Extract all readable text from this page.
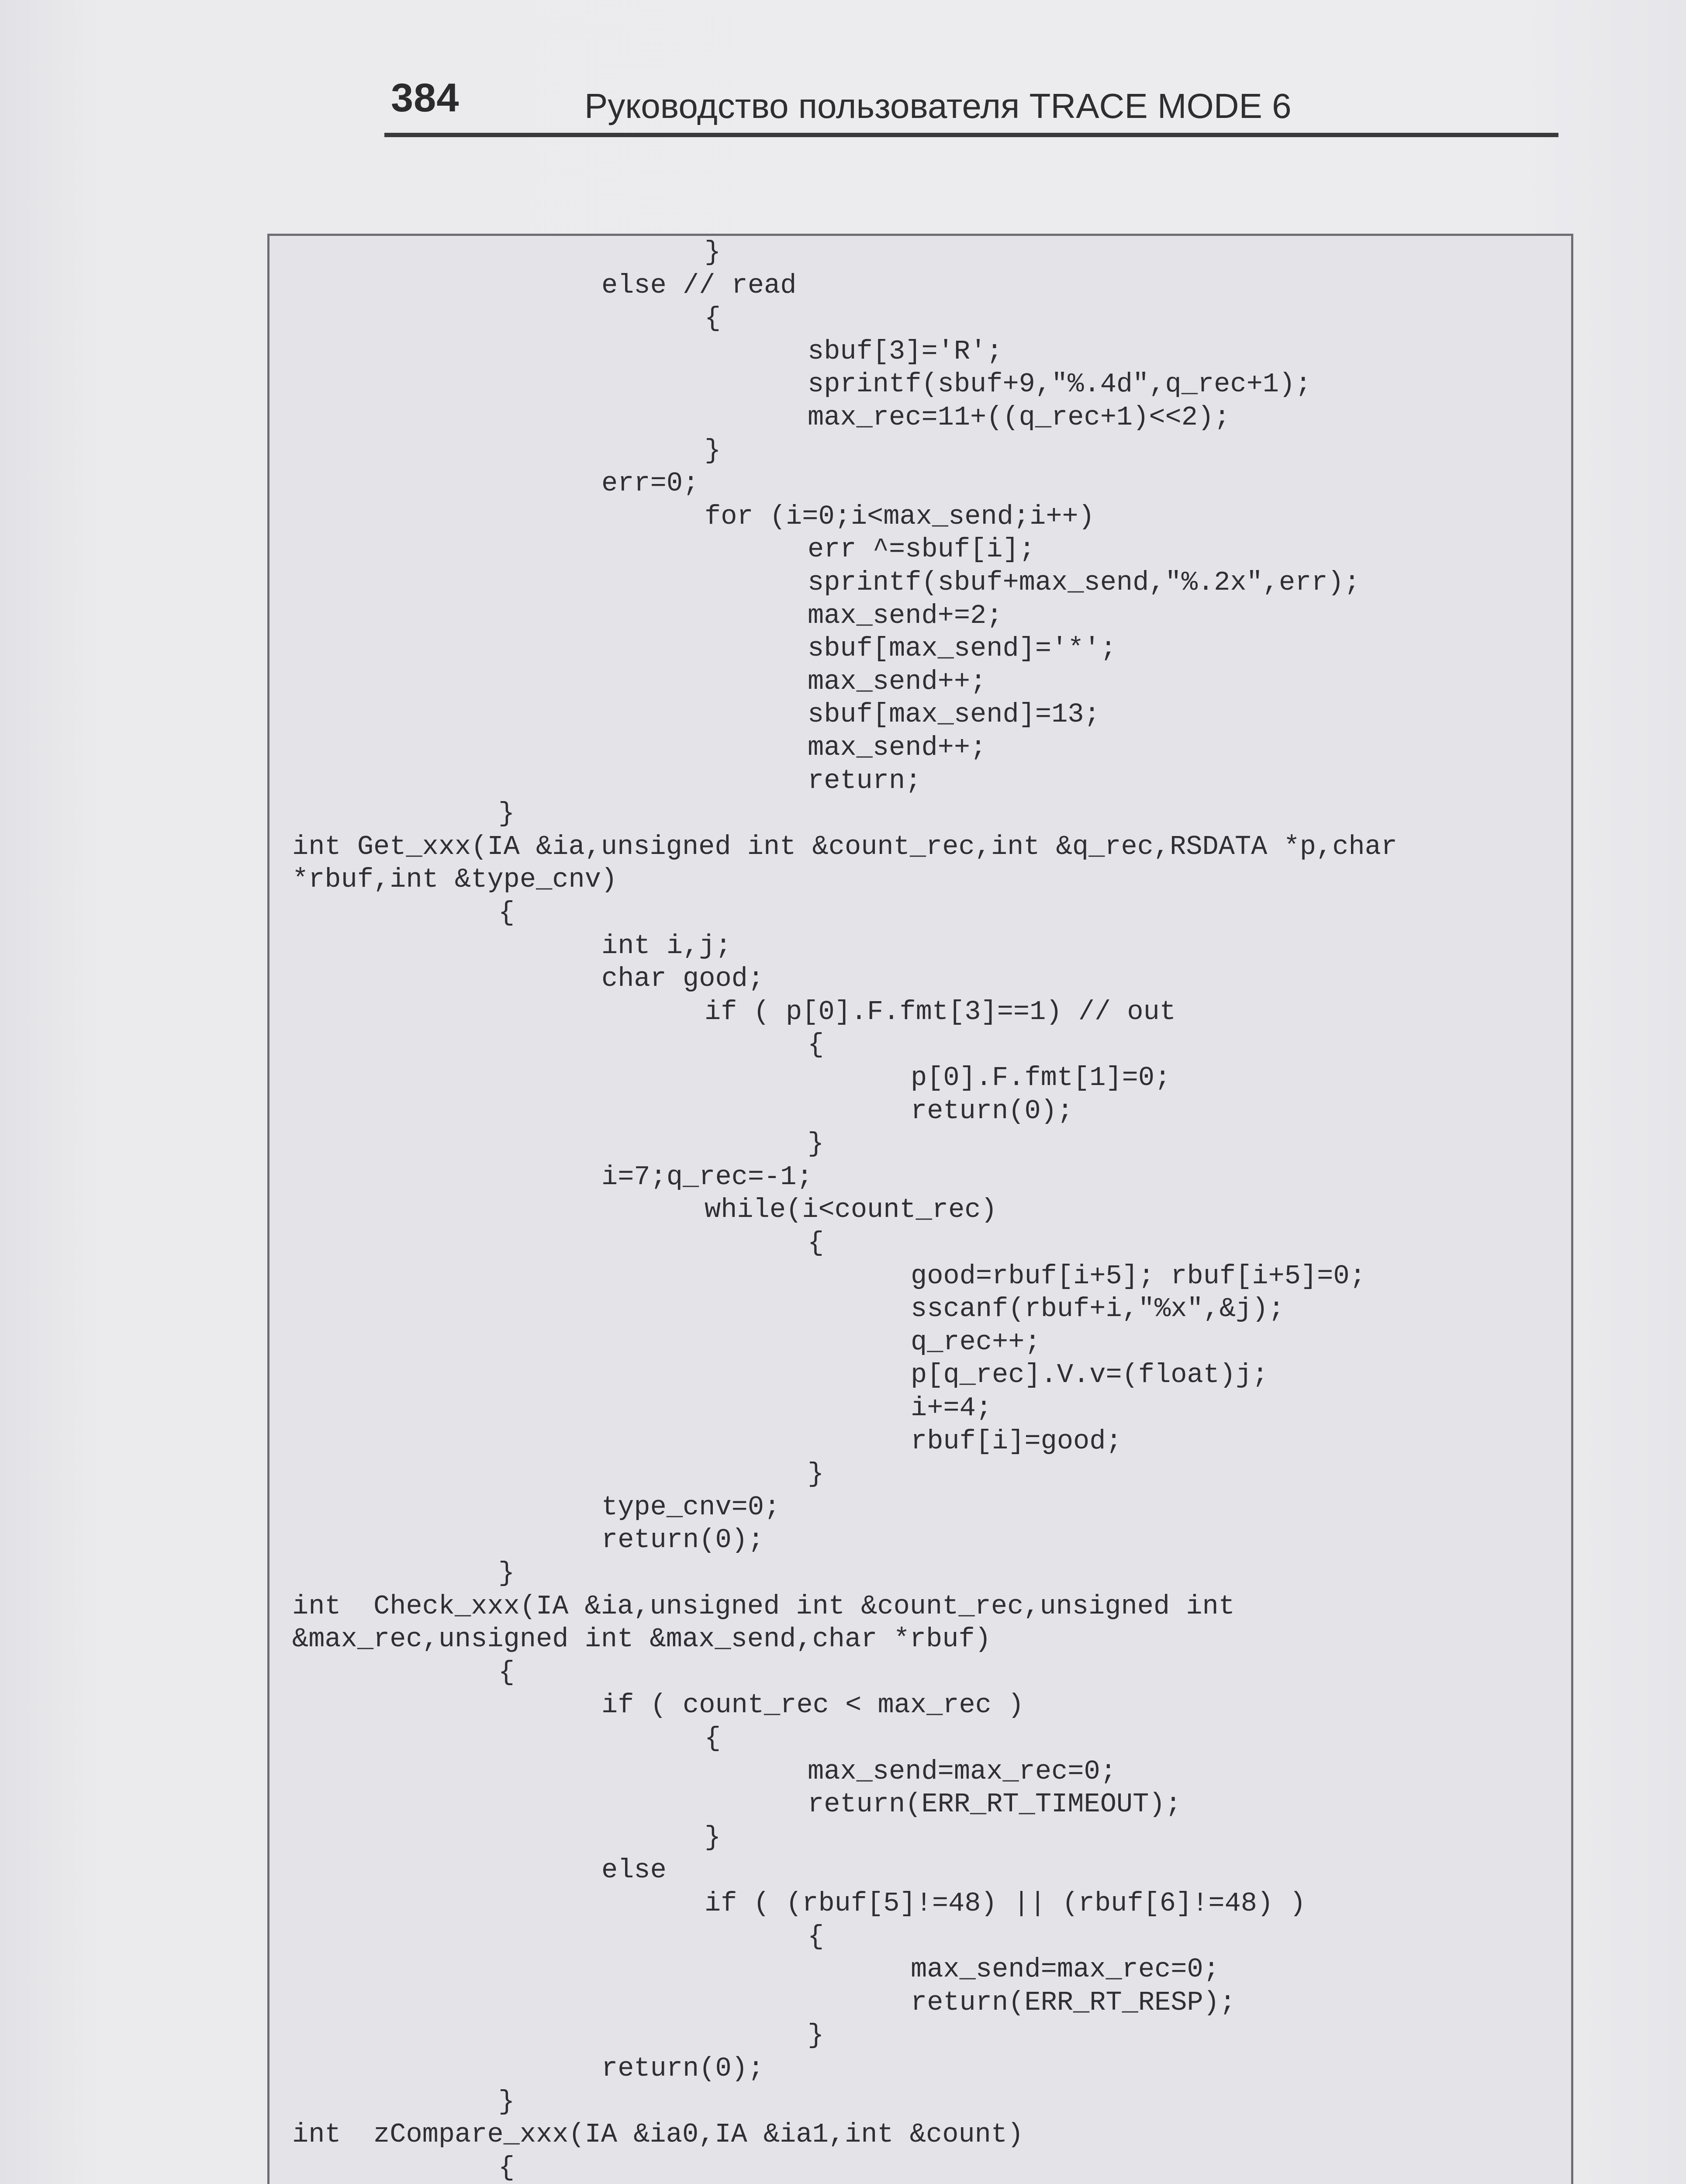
384	Руководство пользователя TRACE MODE 6
}
else // read
{
sbuf[3]='R';
sprintf(sbuf+9,"%.4d",q_rec+1);
max_rec=11+((q_rec+1)<<2);
}
err=0;
for (i=0;i<max_send;i++)
err ^=sbuf[i];
sprintf(sbuf+max_send,"%.2x",err);
max_send+=2;
sbuf[max_send]='*';
max_send++;
sbuf[max_send]=13;
max_send++;
return;
}
int Get_xxx(IA &ia,unsigned int &count_rec,int &q_rec,RSDATA *p,char
*rbuf,int &type_cnv)
{
int i,j;
char good;
if ( p[0].F.fmt[3]==1) // out
{
p[0].F.fmt[1]=0;
return(0);
}
i=7;q_rec=-1;
while(i<count_rec)
{
good=rbuf[i+5]; rbuf[i+5]=0;
sscanf(rbuf+i,"%x",&j);
q_rec++;
p[q_rec].V.v=(float)j;
i+=4;
rbuf[i]=good;
}
type_cnv=0;
return(0);
}
int  Check_xxx(IA &ia,unsigned int &count_rec,unsigned int
&max_rec,unsigned int &max_send,char *rbuf)
{
if ( count_rec < max_rec )
{
max_send=max_rec=0;
return(ERR_RT_TIMEOUT);
}
else
if ( (rbuf[5]!=48) || (rbuf[6]!=48) )
{
max_send=max_rec=0;
return(ERR_RT_RESP);
}
return(0);
}
int  zCompare_xxx(IA &ia0,IA &ia1,int &count)
{
